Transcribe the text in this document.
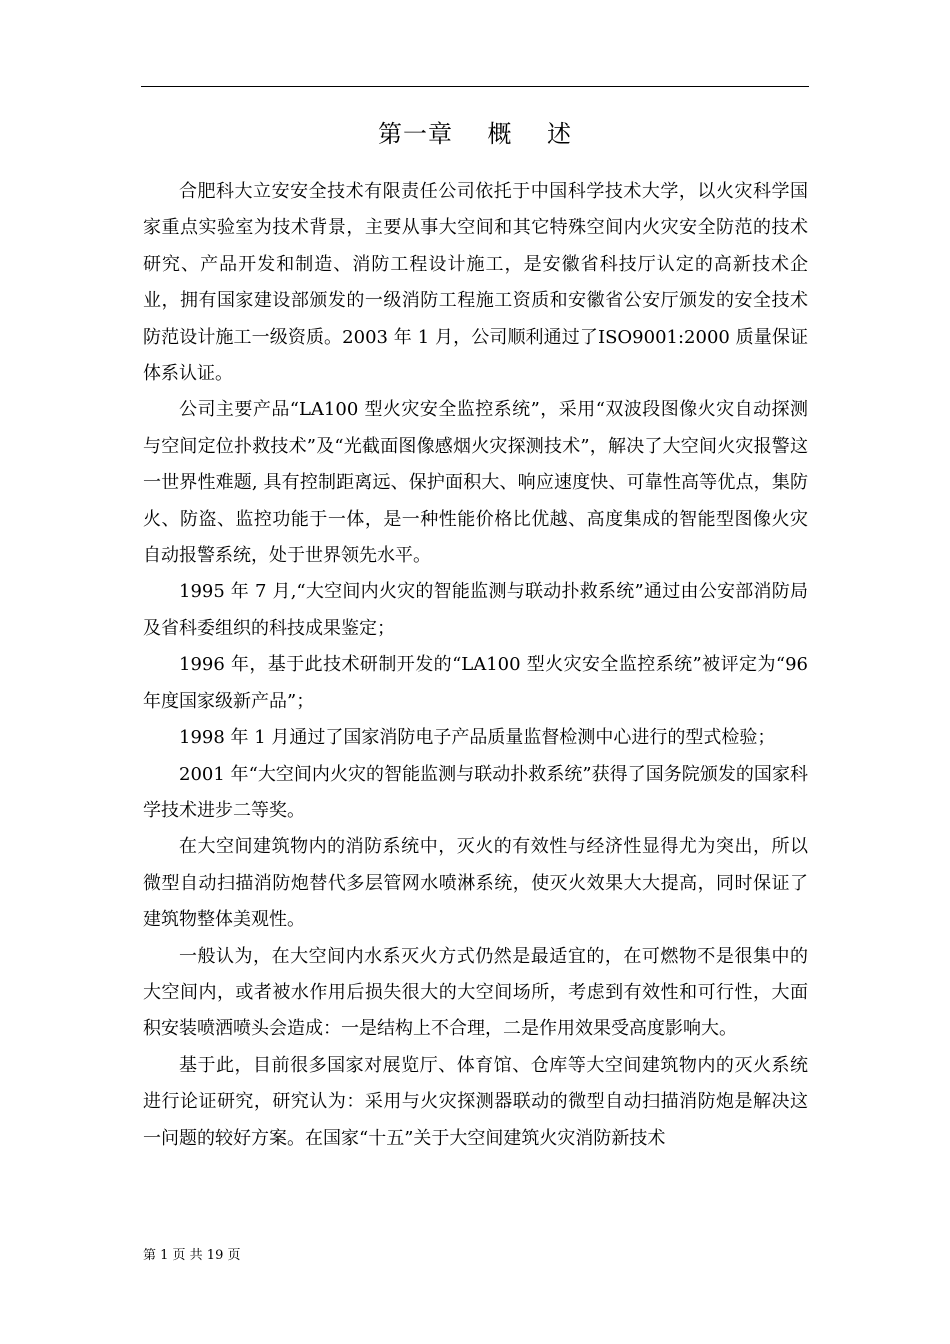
第一章    概    述

合肥科大立安安全技术有限责任公司依托于中国科学技术大学，以火灾科学国家重点实验室为技术背景，主要从事大空间和其它特殊空间内火灾安全防范的技术研究、产品开发和制造、消防工程设计施工，是安徽省科技厅认定的高新技术企业，拥有国家建设部颁发的一级消防工程施工资质和安徽省公安厅颁发的安全技术防范设计施工一级资质。2003 年 1 月，公司顺利通过了ISO9001:2000 质量保证体系认证。

公司主要产品“LA100 型火灾安全监控系统”，采用“双波段图像火灾自动探测与空间定位扑救技术”及“光截面图像感烟火灾探测技术”，解决了大空间火灾报警这一世界性难题, 具有控制距离远、保护面积大、响应速度快、可靠性高等优点，集防火、防盗、监控功能于一体，是一种性能价格比优越、高度集成的智能型图像火灾自动报警系统，处于世界领先水平。

1995 年 7 月,“大空间内火灾的智能监测与联动扑救系统”通过由公安部消防局及省科委组织的科技成果鉴定；

1996 年，基于此技术研制开发的“LA100 型火灾安全监控系统”被评定为“96 年度国家级新产品”；

1998 年 1 月通过了国家消防电子产品质量监督检测中心进行的型式检验；

2001 年“大空间内火灾的智能监测与联动扑救系统”获得了国务院颁发的国家科学技术进步二等奖。

在大空间建筑物内的消防系统中，灭火的有效性与经济性显得尤为突出，所以微型自动扫描消防炮替代多层管网水喷淋系统，使灭火效果大大提高，同时保证了建筑物整体美观性。

一般认为，在大空间内水系灭火方式仍然是最适宜的，在可燃物不是很集中的大空间内，或者被水作用后损失很大的大空间场所，考虑到有效性和可行性，大面积安装喷洒喷头会造成：一是结构上不合理，二是作用效果受高度影响大。

基于此，目前很多国家对展览厅、体育馆、仓库等大空间建筑物内的灭火系统进行论证研究，研究认为：采用与火灾探测器联动的微型自动扫描消防炮是解决这一问题的较好方案。在国家“十五”关于大空间建筑火灾消防新技术

第 1 页 共 19 页
